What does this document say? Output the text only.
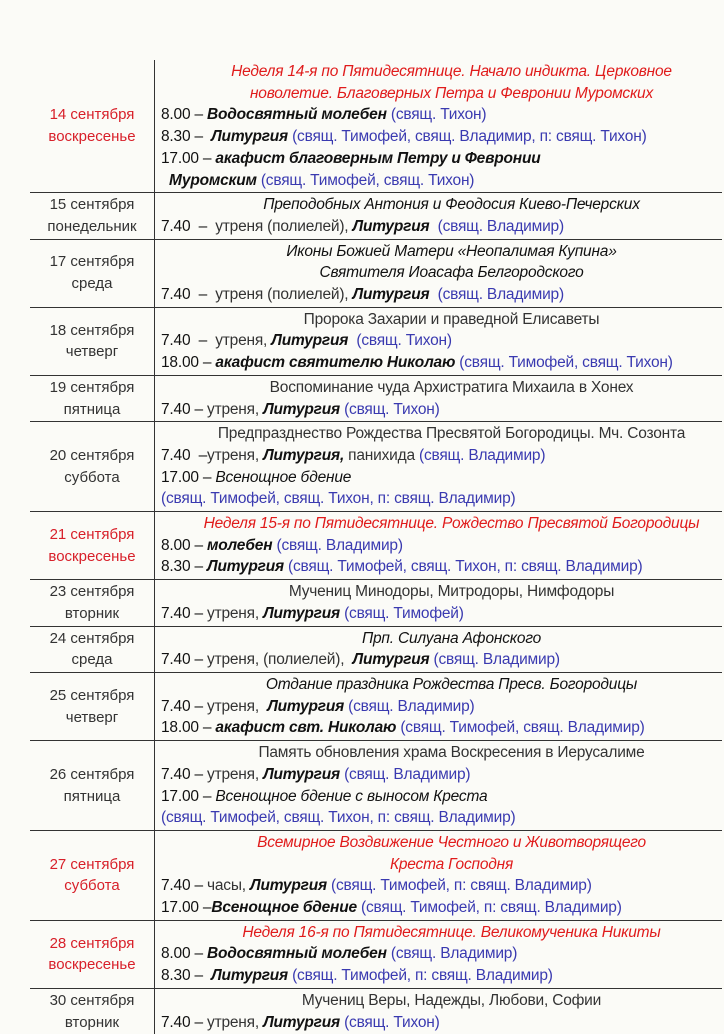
14 сентября
воскресенье
Неделя 14-я по Пятидесятнице. Начало индикта. Церковное
новолетие. Благоверных Петра и Февронии Муромских
8.00 – Водосвятный молебен (свящ. Тихон)
8.30 –  Литургия (свящ. Тимофей, свящ. Владимир, п: свящ. Тихон)
17.00 – акафист благоверным Петру и Февронии
Муромским (свящ. Тимофей, свящ. Тихон)
15 сентября
понедельник
Преподобных Антония и Феодосия Киево-Печерских
7.40  –  утреня (полиелей), Литургия  (свящ. Владимир)
17 сентября
среда
Иконы Божией Матери «Неопалимая Купина»
Святителя Иоасафа Белгородского
7.40  –  утреня (полиелей), Литургия  (свящ. Владимир)
18 сентября
четверг
Пророка Захарии и праведной Елисаветы
7.40  –  утреня, Литургия  (свящ. Тихон)
18.00 – акафист святителю Николаю (свящ. Тимофей, свящ. Тихон)
19 сентября
пятница
Воспоминание чуда Архистратига Михаила в Хонех
7.40 – утреня, Литургия (свящ. Тихон)
20 сентября
суббота
Предпразднество Рождества Пресвятой Богородицы. Мч. Созонта
7.40  –утреня, Литургия, панихида (свящ. Владимир)
17.00 – Всенощное бдение
(свящ. Тимофей, свящ. Тихон, п: свящ. Владимир)
21 сентября
воскресенье
Неделя 15-я по Пятидесятнице. Рождество Пресвятой Богородицы
8.00 – молебен (свящ. Владимир)
8.30 – Литургия (свящ. Тимофей, свящ. Тихон, п: свящ. Владимир)
23 сентября
вторник
Мучениц Минодоры, Митродоры, Нимфодоры
7.40 – утреня, Литургия (свящ. Тимофей)
24 сентября
среда
Прп. Силуана Афонского
7.40 – утреня, (полиелей),  Литургия (свящ. Владимир)
25 сентября
четверг
Отдание праздника Рождества Пресв. Богородицы
7.40 – утреня,  Литургия (свящ. Владимир)
18.00 – акафист свт. Николаю (свящ. Тимофей, свящ. Владимир)
26 сентября
пятница
Память обновления храма Воскресения в Иерусалиме
7.40 – утреня, Литургия (свящ. Владимир)
17.00 – Всенощное бдение с выносом Креста
(свящ. Тимофей, свящ. Тихон, п: свящ. Владимир)
27 сентября
суббота
Всемирное Воздвижение Честного и Животворящего
Креста Господня
7.40 – часы, Литургия (свящ. Тимофей, п: свящ. Владимир)
17.00 –Всенощное бдение (свящ. Тимофей, п: свящ. Владимир)
28 сентября
воскресенье
Неделя 16-я по Пятидесятнице. Великомученика Никиты
8.00 – Водосвятный молебен (свящ. Владимир)
8.30 –  Литургия (свящ. Тимофей, п: свящ. Владимир)
30 сентября
вторник
Мучениц Веры, Надежды, Любови, Софии
7.40 – утреня, Литургия (свящ. Тихон)
